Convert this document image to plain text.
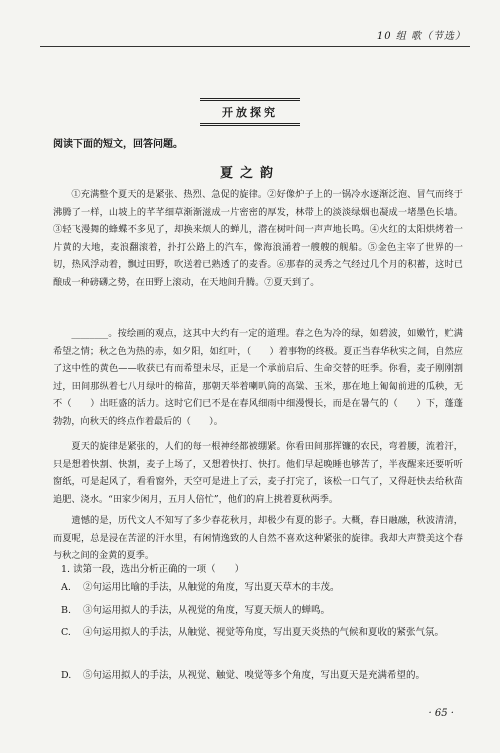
10 组 歌（节选）
开放探究
阅读下面的短文，回答问题。
夏之韵
①充满整个夏天的是紧张、热烈、急促的旋律。②好像炉子上的一锅冷水逐渐泛泡、冒气而终于沸腾了一样，山坡上的芊芊细草渐渐滋成一片密密的厚发，林带上的淡淡绿烟也凝成一堵墨色长墙。③轻飞漫舞的蜂蝶不多见了，却换来烦人的蝉儿，潜在树叶间一声声地长鸣。④火红的太阳烘烤着一片黄的大地，麦浪翻滚着，扑打公路上的汽车，像海浪涌着一艘艘的舰船。⑤金色主宰了世界的一切，热风浮动着，飘过田野，吹送着已熟透了的麦香。⑥那春的灵秀之气经过几个月的积蓄，这时已酿成一种磅礴之势，在田野上滚动，在天地间升腾。⑦夏天到了。
________。按绘画的观点，这其中大约有一定的道理。春之色为冷的绿，如碧波，如嫩竹，贮满希望之情；秋之色为热的赤，如夕阳，如红叶，（　　）着事物的终极。夏正当春华秋实之间，自然应了这中性的黄色——收获已有而希望未尽，正是一个承前启后、生命交替的旺季。你看，麦子刚刚割过，田间那纵着七八月绿叶的棉苗，那朝天举着喇叭筒的高粱、玉米，那在地上匍匐前进的瓜秧，无不（　　）出旺盛的活力。这时它们已不是在春风细雨中细漫慢长，而是在暑气的（　　）下，蓬蓬勃勃，向秋天的终点作着最后的（　　）。
夏天的旋律是紧张的，人们的每一根神经都被绷紧。你看田间那挥镰的农民，弯着腰，流着汗，只是想着快割、快割，麦子上场了，又想着快打、快打。他们早起晚睡也够苦了，半夜醒来还要听听窗纸，可是起风了，看看窗外，天空可是进上了云，麦子打完了，该松一口气了，又得赶快去给秋苗追肥、浇水。“田家少闲月，五月人倍忙”，他们的肩上挑着夏秋两季。
遗憾的是，历代文人不知写了多少春花秋月，却极少有夏的影子。大概，春日融融，秋波清清，而夏呢，总是浸在苦涩的汗水里，有闲情逸致的人自然不喜欢这种紧张的旋律。我却大声赞美这个春与秋之间的金黄的夏季。
1. 读第一段，选出分析正确的一项（　　）
A. ②句运用比喻的手法，从触觉的角度，写出夏天草木的丰茂。
B. ③句运用拟人的手法，从视觉的角度，写夏天烦人的蝉鸣。
C. ④句运用拟人的手法，从触觉、视觉等角度，写出夏天炎热的气候和夏收的紧张气氛。
D. ⑤句运用拟人的手法，从视觉、触觉、嗅觉等多个角度，写出夏天是充满希望的。
· 65 ·
